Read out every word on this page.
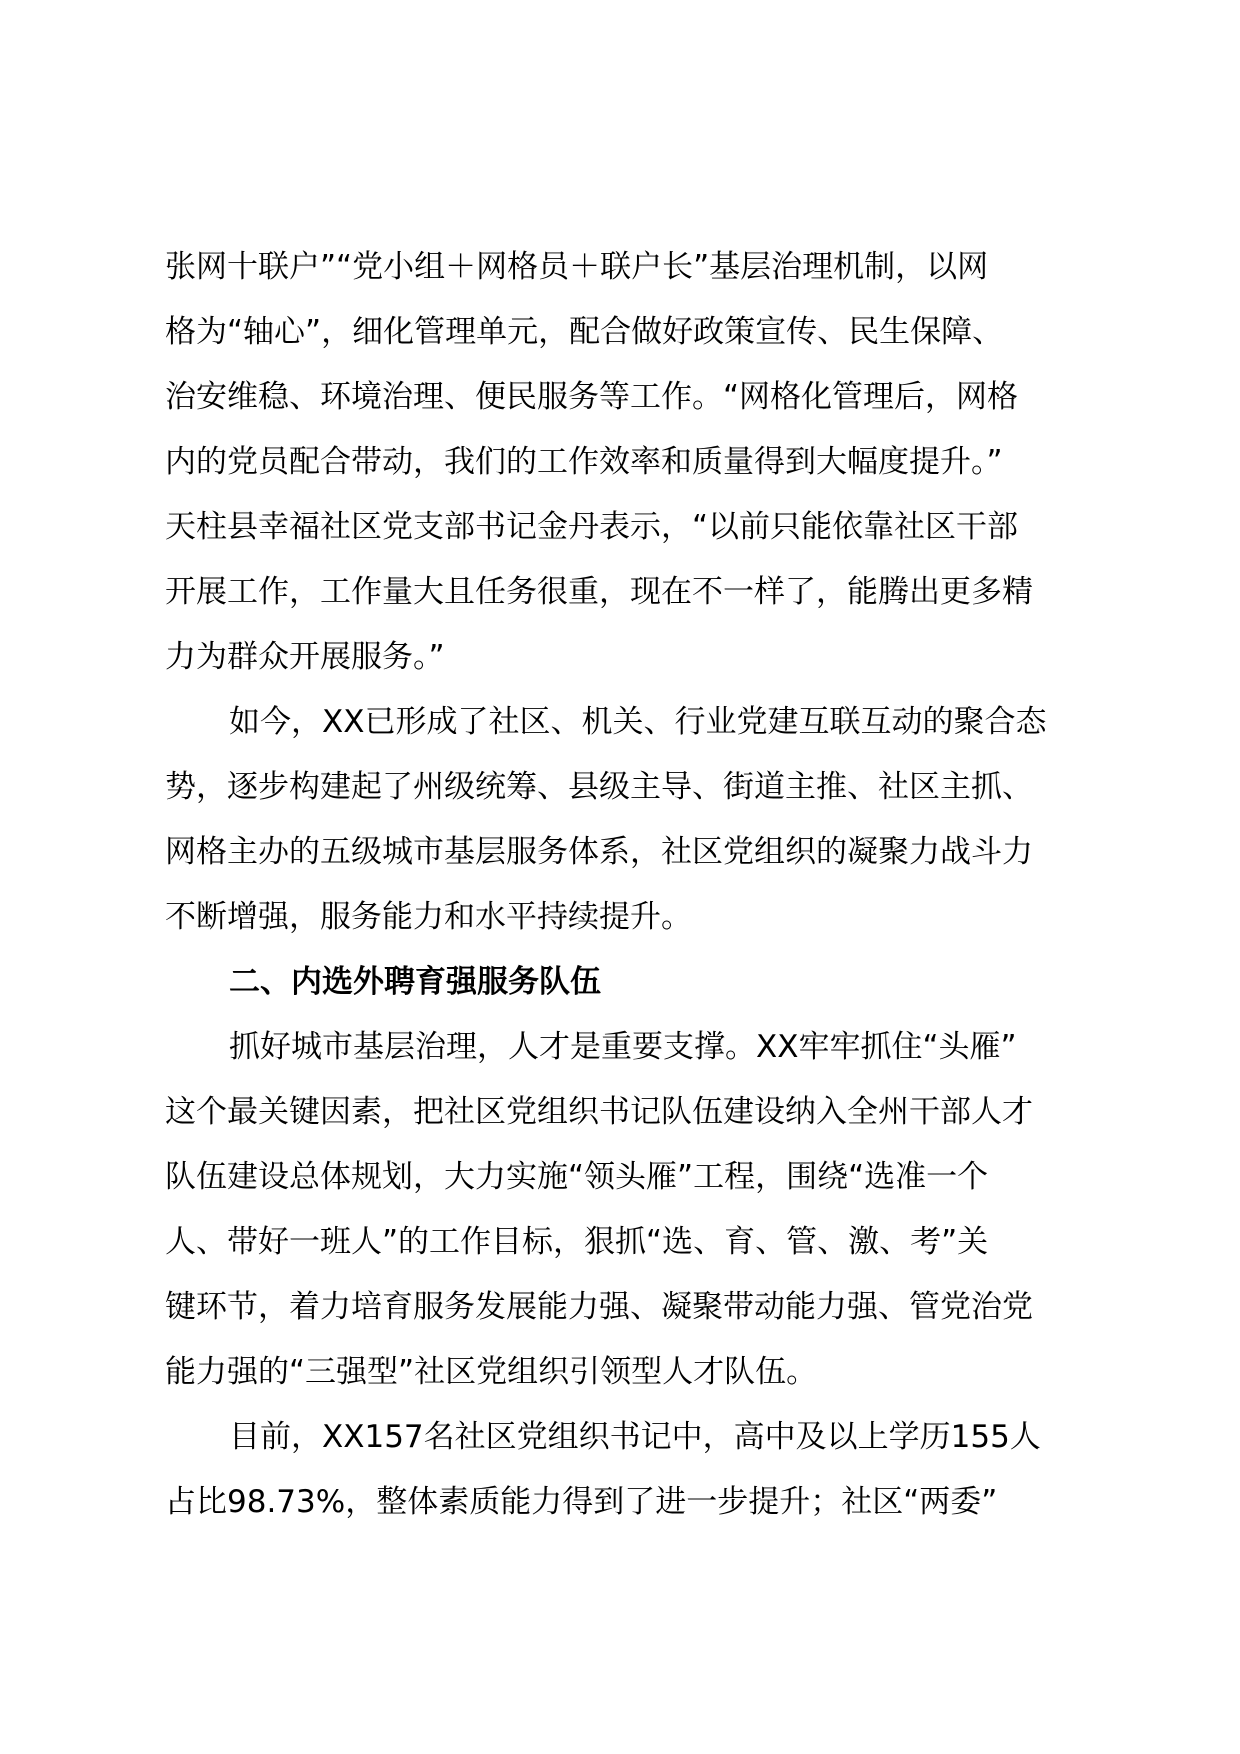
张网十联户”“党小组＋网格员＋联户长”基层治理机制，以网
格为“轴心”，细化管理单元，配合做好政策宣传、民生保障、
治安维稳、环境治理、便民服务等工作。“网格化管理后，网格
内的党员配合带动，我们的工作效率和质量得到大幅度提升。”
天柱县幸福社区党支部书记金丹表示，“以前只能依靠社区干部
开展工作，工作量大且任务很重，现在不一样了，能腾出更多精
力为群众开展服务。”
如今，XX已形成了社区、机关、行业党建互联互动的聚合态
势，逐步构建起了州级统筹、县级主导、街道主推、社区主抓、
网格主办的五级城市基层服务体系，社区党组织的凝聚力战斗力
不断增强，服务能力和水平持续提升。
二、内选外聘育强服务队伍
抓好城市基层治理，人才是重要支撑。XX牢牢抓住“头雁”
这个最关键因素，把社区党组织书记队伍建设纳入全州干部人才
队伍建设总体规划，大力实施“领头雁”工程，围绕“选准一个
人、带好一班人”的工作目标，狠抓“选、育、管、激、考”关
键环节，着力培育服务发展能力强、凝聚带动能力强、管党治党
能力强的“三强型”社区党组织引领型人才队伍。
目前，XX157名社区党组织书记中，高中及以上学历155人
占比98.73%，整体素质能力得到了进一步提升；社区“两委”
